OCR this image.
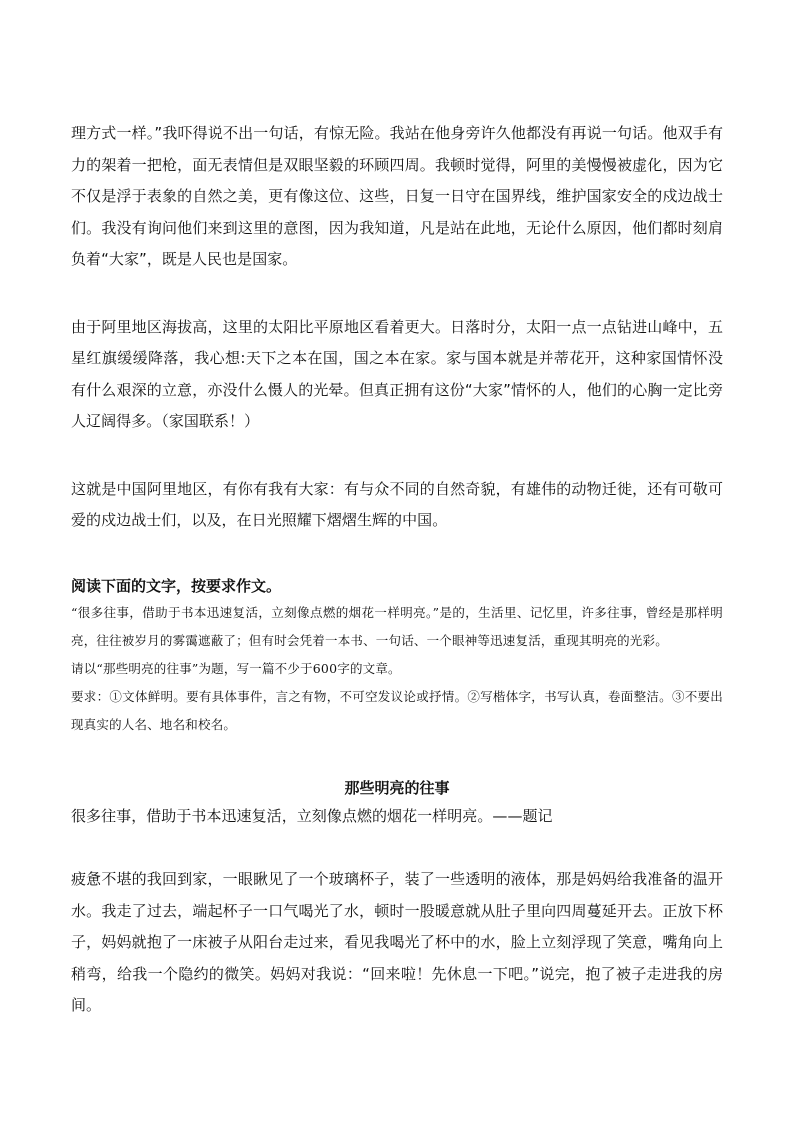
理方式一样。”我吓得说不出一句话，有惊无险。我站在他身旁许久他都没有再说一句话。他双手有力的架着一把枪，面无表情但是双眼坚毅的环顾四周。我顿时觉得，阿里的美慢慢被虚化，因为它不仅是浮于表象的自然之美，更有像这位、这些，日复一日守在国界线，维护国家安全的戍边战士们。我没有询问他们来到这里的意图，因为我知道，凡是站在此地，无论什么原因，他们都时刻肩负着“大家”，既是人民也是国家。

由于阿里地区海拔高，这里的太阳比平原地区看着更大。日落时分，太阳一点一点钻进山峰中，五星红旗缓缓降落，我心想:天下之本在国，国之本在家。家与国本就是并蒂花开，这种家国情怀没有什么艰深的立意，亦没什么慑人的光晕。但真正拥有这份“大家”情怀的人，他们的心胸一定比旁人辽阔得多。（家国联系！）

这就是中国阿里地区，有你有我有大家：有与众不同的自然奇貌，有雄伟的动物迁徙，还有可敬可爱的戍边战士们，以及，在日光照耀下熠熠生辉的中国。

阅读下面的文字，按要求作文。

“很多往事，借助于书本迅速复活，立刻像点燃的烟花一样明亮。”是的，生活里、记忆里，许多往事，曾经是那样明亮，往往被岁月的雾霭遮蔽了；但有时会凭着一本书、一句话、一个眼神等迅速复活，重现其明亮的光彩。

请以“那些明亮的往事”为题，写一篇不少于600字的文章。

要求：①文体鲜明。要有具体事件，言之有物，不可空发议论或抒情。②写楷体字，书写认真，卷面整洁。③不要出现真实的人名、地名和校名。

那些明亮的往事

很多往事，借助于书本迅速复活，立刻像点燃的烟花一样明亮。——题记

疲惫不堪的我回到家，一眼瞅见了一个玻璃杯子，装了一些透明的液体，那是妈妈给我准备的温开水。我走了过去，端起杯子一口气喝光了水，顿时一股暖意就从肚子里向四周蔓延开去。正放下杯子，妈妈就抱了一床被子从阳台走过来，看见我喝光了杯中的水，脸上立刻浮现了笑意，嘴角向上稍弯，给我一个隐约的微笑。妈妈对我说：“回来啦！先休息一下吧。”说完，抱了被子走进我的房间。
